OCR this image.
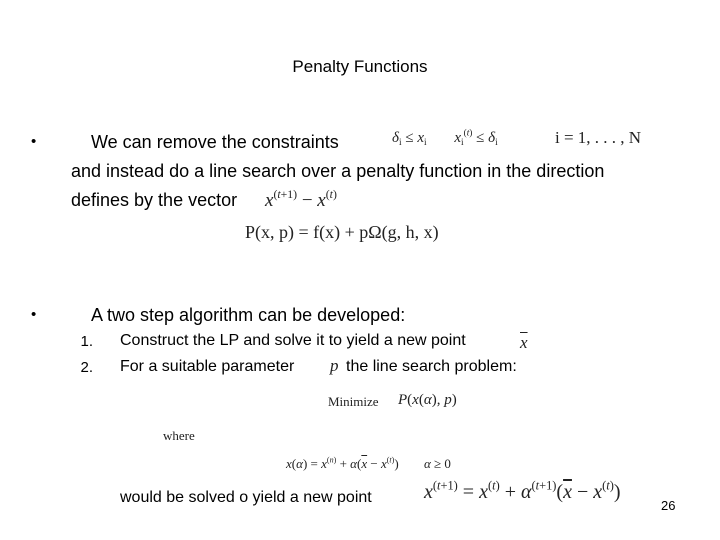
Penalty Functions
•	We can remove the constraints	$\delta_i \le x_i$ $x_i^{(t)} \le \delta_i$	i = 1, . . . , N
and instead do a line search over a penalty function in the direction
defines by the vector $x^{(t+1)} - x^{(t)}$
P(x, p) = f(x) + pΩ(g, h, x)
•	A two step algorithm can be developed:
1. Construct the LP and solve it to yield a new point	$\overline{x}$
2. For a suitable parameter p the line search problem:
Minimize P(x(α), p)
where
$x(\alpha) = x^{(n)} + \alpha(\overline{x} - x^{(t)}) \alpha \ge 0$
would be solved o yield a new point	$x^{(t+1)} = x^{(t)} + \alpha^{(t+1)}(\overline{x} - x^{(t)})$
26
